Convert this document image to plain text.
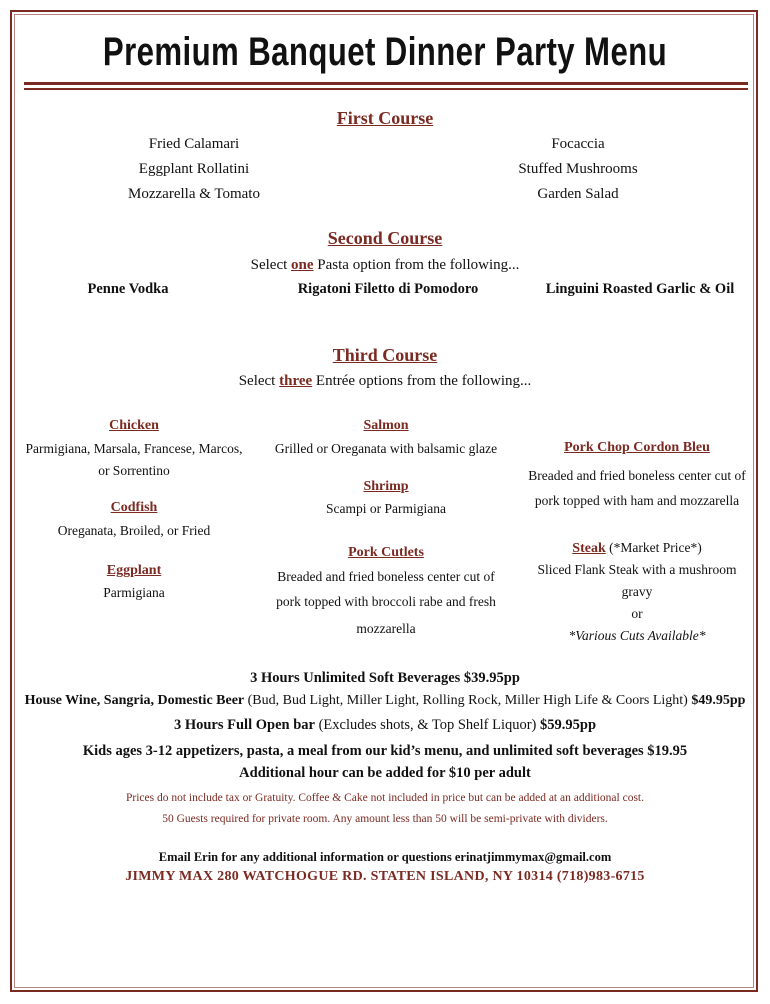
Premium Banquet Dinner Party Menu
First Course
Fried Calamari
Eggplant Rollatini
Mozzarella & Tomato
Focaccia
Stuffed Mushrooms
Garden Salad
Second Course
Select one Pasta option from the following...
Penne Vodka	Rigatoni Filetto di Pomodoro	Linguini Roasted Garlic & Oil
Third Course
Select three Entrée options from the following...
Chicken
Parmigiana, Marsala, Francese, Marcos,
or Sorrentino
Codfish
Oreganata, Broiled, or Fried
Eggplant
Parmigiana
Salmon
Grilled or Oreganata with balsamic glaze
Shrimp
Scampi or Parmigiana
Pork Cutlets
Breaded and fried boneless center cut of
pork topped with broccoli rabe and fresh
mozzarella
Pork Chop Cordon Bleu
Breaded and fried boneless center cut of
pork topped with ham and mozzarella
Steak (*Market Price*)
Sliced Flank Steak with a mushroom
gravy
or
*Various Cuts Available*
3 Hours Unlimited Soft Beverages $39.95pp
House Wine, Sangria, Domestic Beer (Bud, Bud Light, Miller Light, Rolling Rock, Miller High Life & Coors Light) $49.95pp
3 Hours Full Open bar (Excludes shots, & Top Shelf Liquor) $59.95pp
Kids ages 3-12 appetizers, pasta, a meal from our kid’s menu, and unlimited soft beverages $19.95
Additional hour can be added for $10 per adult
Prices do not include tax or Gratuity. Coffee & Cake not included in price but can be added at an additional cost.
50 Guests required for private room. Any amount less than 50 will be semi-private with dividers.
Email Erin for any additional information or questions erinatjimmymax@gmail.com
JIMMY MAX 280 WATCHOGUE RD. STATEN ISLAND, NY 10314 (718)983-6715
